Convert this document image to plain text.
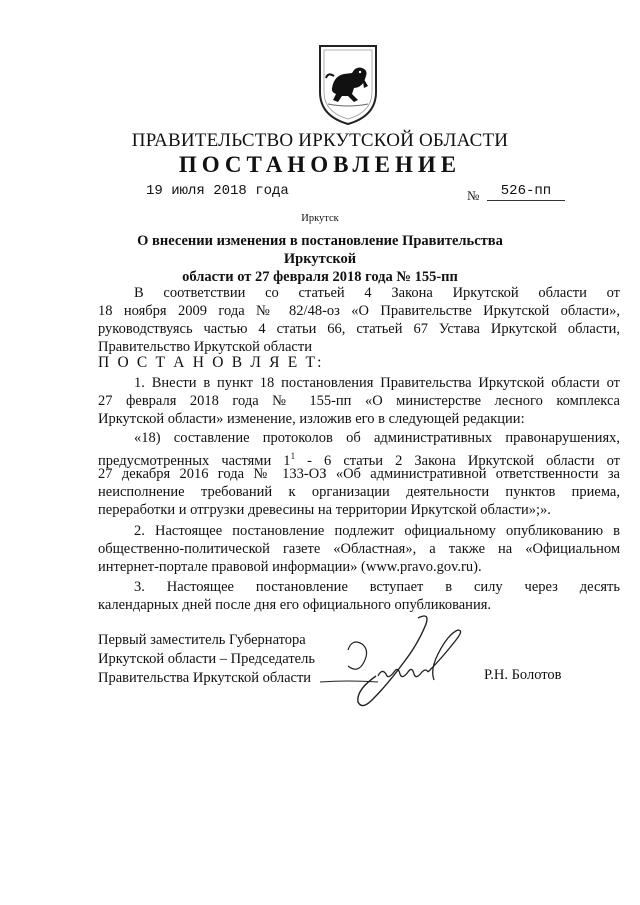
ПРАВИТЕЛЬСТВО ИРКУТСКОЙ ОБЛАСТИ
ПОСТАНОВЛЕНИЕ
19 июля 2018 года	№	526-пп
Иркутск
О внесении изменения в постановление Правительства Иркутской
области от 27 февраля 2018 года № 155-пп
В соответствии со статьей 4 Закона Иркутской области от
18 ноября 2009 года № 82/48-оз «О Правительстве Иркутской области»,
руководствуясь частью 4 статьи 66, статьей 67 Устава Иркутской области,
Правительство Иркутской области
П О С Т А Н О В Л Я Е Т:
1. Внести в пункт 18 постановления Правительства Иркутской области от
27 февраля 2018 года № 155-пп «О министерстве лесного комплекса
Иркутской области» изменение, изложив его в следующей редакции:
«18) составление протоколов об административных правонарушениях,
предусмотренных частями $1^1 - 6$ статьи 2 Закона Иркутской области от
27 декабря 2016 года № 133-ОЗ «Об административной ответственности за
неисполнение требований к организации деятельности пунктов приема,
переработки и отгрузки древесины на территории Иркутской области»;».
2. Настоящее постановление подлежит официальному опубликованию в
общественно-политической газете «Областная», а также на «Официальном
интернет-портале правовой информации» (www.pravo.gov.ru).
3. Настоящее постановление вступает в силу через десять
календарных дней после дня его официального опубликования.
Первый заместитель Губернатора
Иркутской области – Председатель
Правительства Иркутской области	Р.Н. Болотов
